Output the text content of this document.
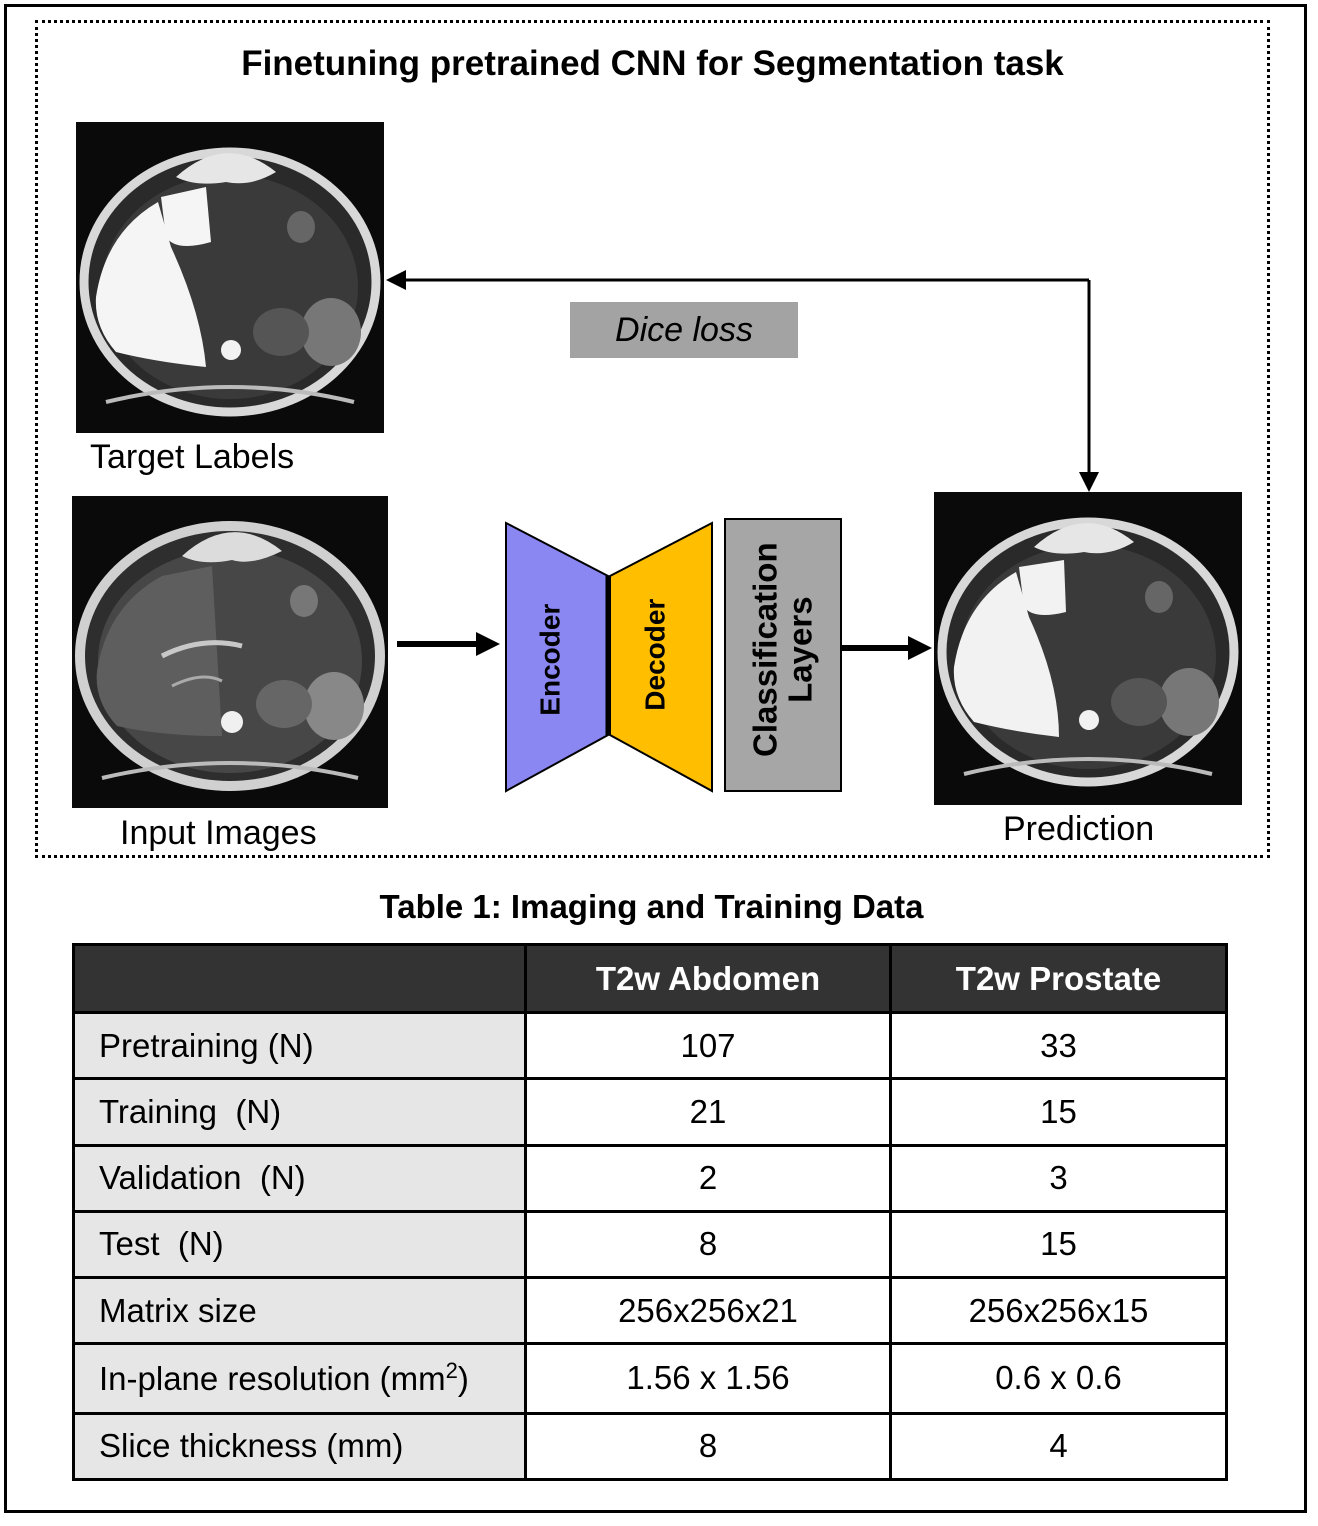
Finetuning pretrained CNN for Segmentation task
Target Labels
Input Images	Prediction
Dice loss
Encoder	Decoder Classification
Layers
Table 1: Imaging and Training Data
	T2w Abdomen	T2w Prostate
Pretraining (N)	107	33
Training  (N)	21	15
Validation  (N)	2	3
Test  (N)	8	15
Matrix size	256x256x21	256x256x15
In-plane resolution $(mm^2)$	1.56 x 1.56	0.6 x 0.6
Slice thickness (mm)	8	4
